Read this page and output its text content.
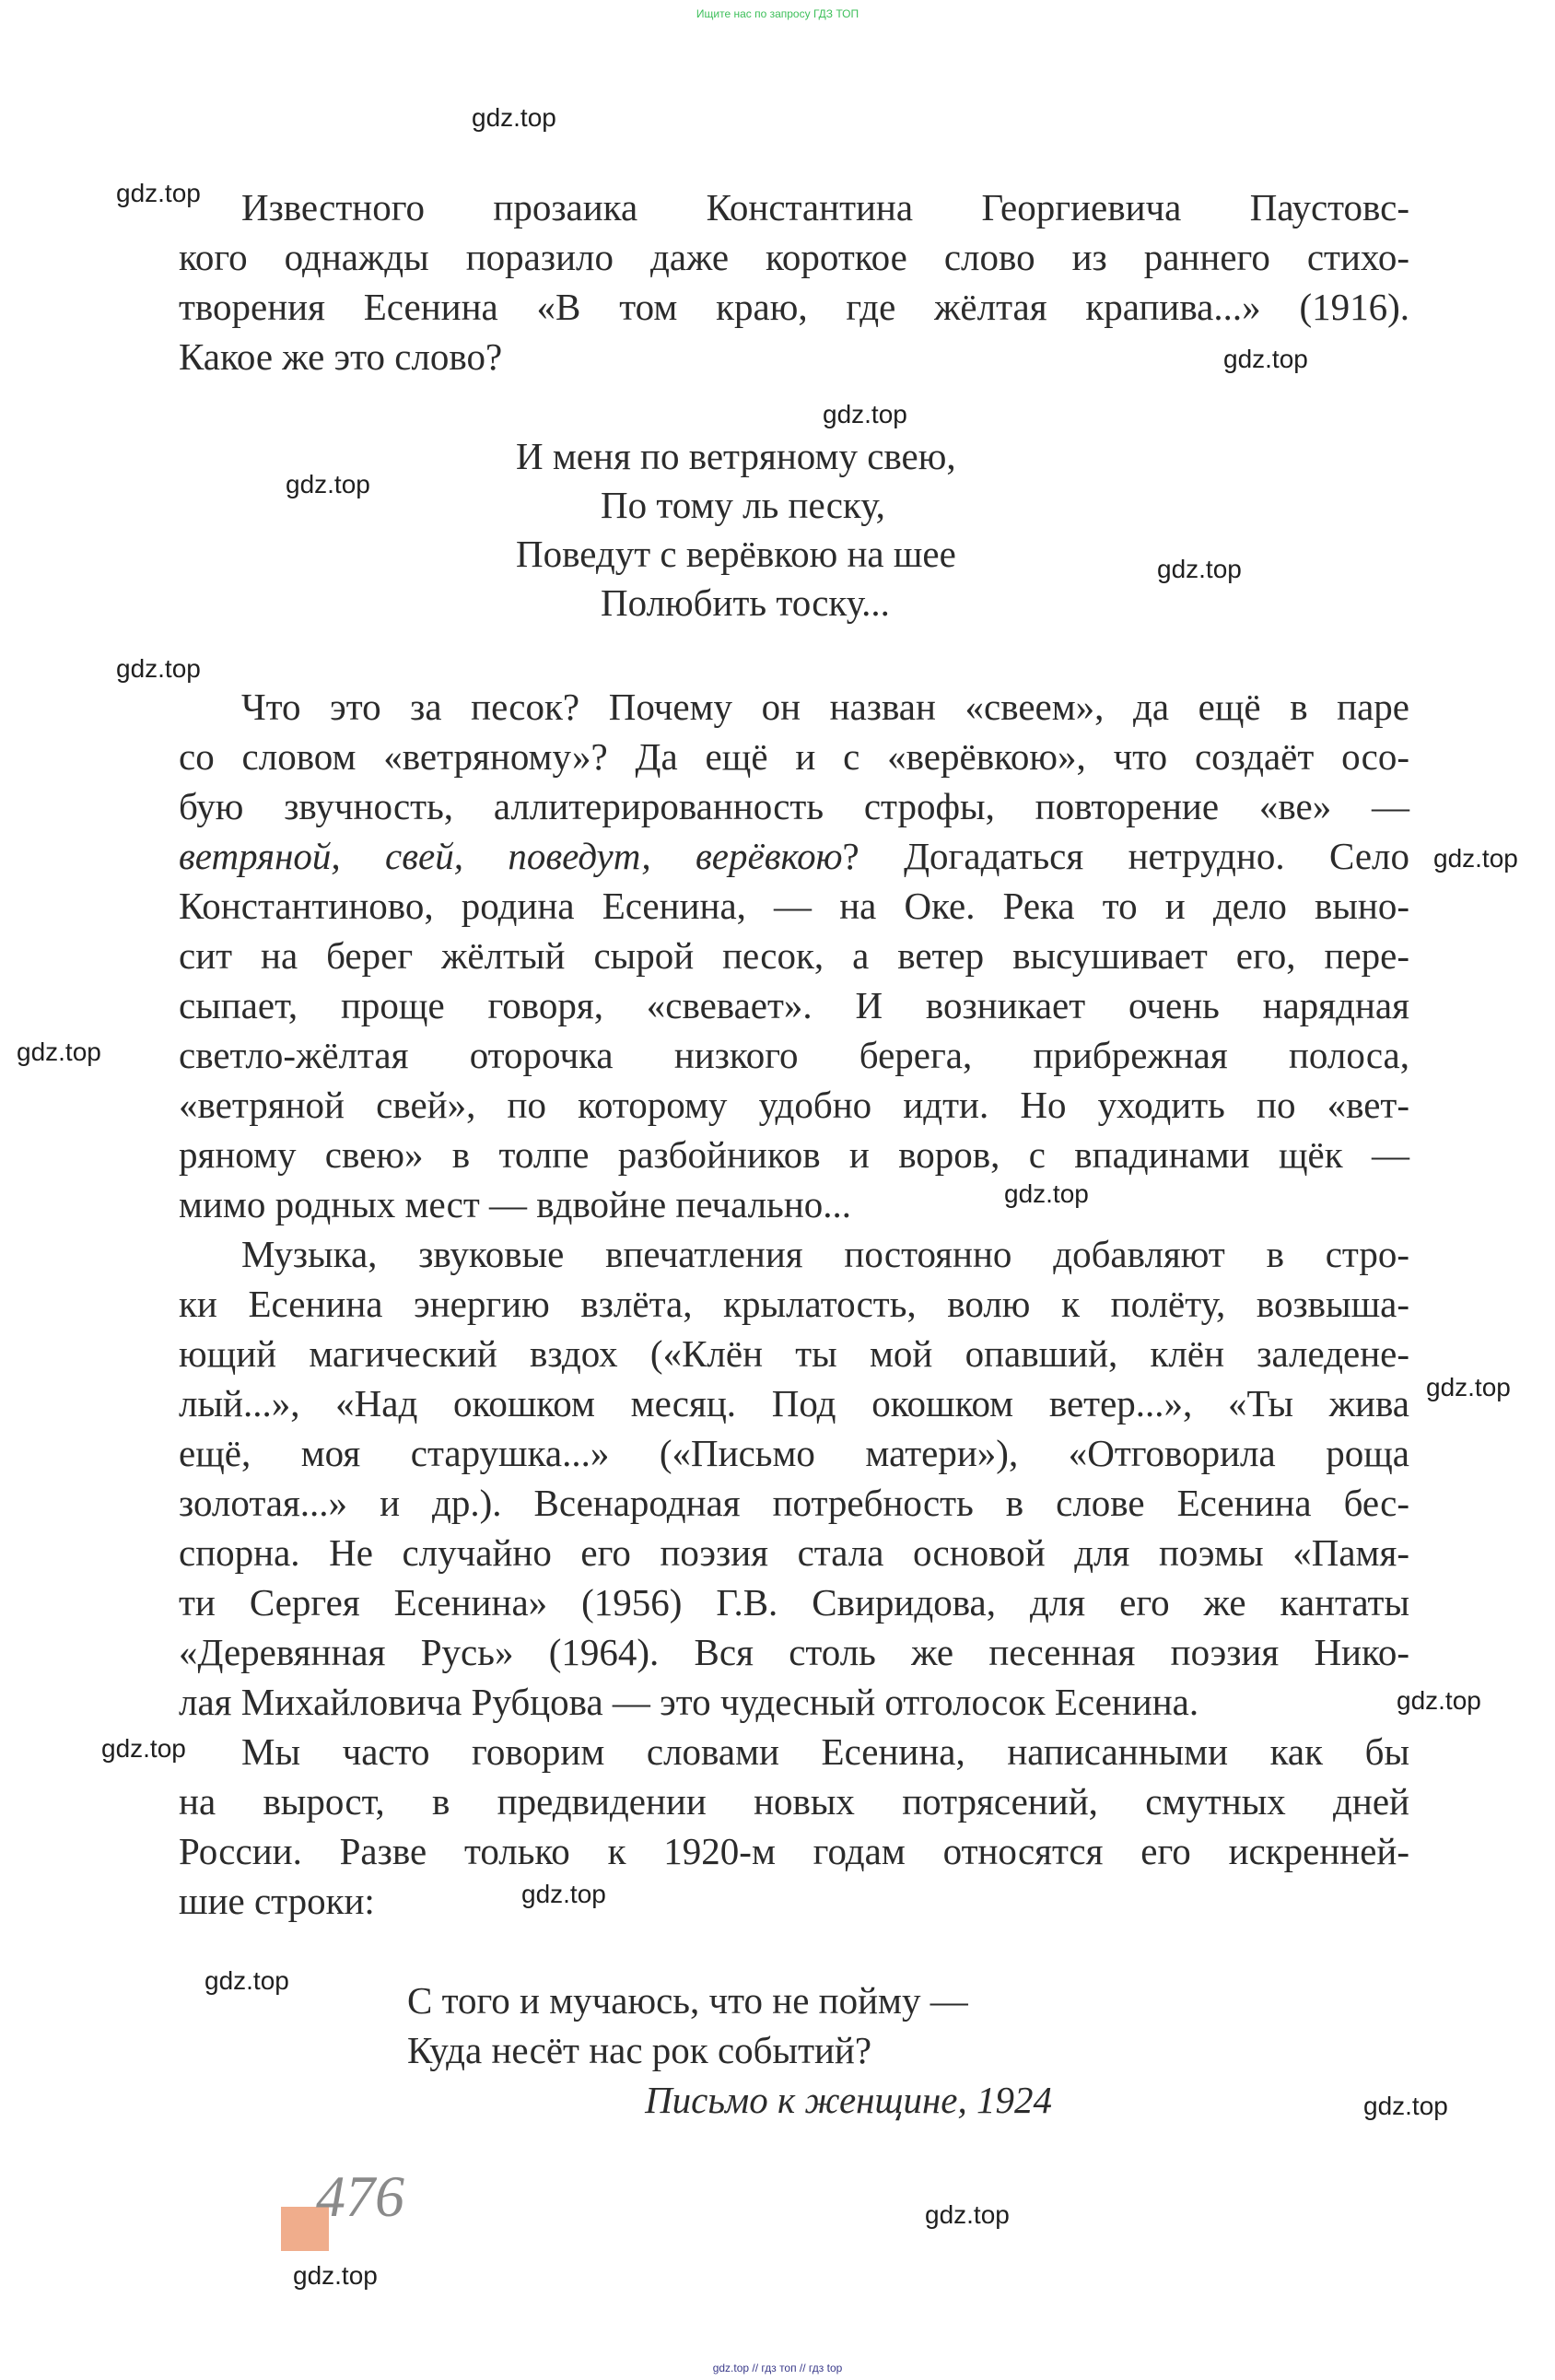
Ищите нас по запросу ГДЗ ТОП
Известного прозаика Константина Георгиевича Паустовс-
кого однажды поразило даже короткое слово из раннего стихо-
творения Есенина «В том краю, где жёлтая крапива...» (1916).
Какое же это слово?
И меня по ветряному свею,
По тому ль песку,
Поведут с верёвкою на шее
Полюбить тоску...
Что это за песок? Почему он назван «свеем», да ещё в паре
со словом «ветряному»? Да ещё и с «верёвкою», что создаёт осо-
бую звучность, аллитерированность строфы, повторение «ве» —
ветряной, свей, поведут, верёвкою? Догадаться нетрудно. Село
Константиново, родина Есенина, — на Оке. Река то и дело выно-
сит на берег жёлтый сырой песок, а ветер высушивает его, пере-
сыпает, проще говоря, «свевает». И возникает очень нарядная
светло-жёлтая оторочка низкого берега, прибрежная полоса,
«ветряной свей», по которому удобно идти. Но уходить по «вет-
ряному свею» в толпе разбойников и воров, с впадинами щёк —
мимо родных мест — вдвойне печально...
Музыка, звуковые впечатления постоянно добавляют в стро-
ки Есенина энергию взлёта, крылатость, волю к полёту, возвыша-
ющий магический вздох («Клён ты мой опавший, клён заледене-
лый...», «Над окошком месяц. Под окошком ветер...», «Ты жива
ещё, моя старушка...» («Письмо матери»), «Отговорила роща
золотая...» и др.). Всенародная потребность в слове Есенина бес-
спорна. Не случайно его поэзия стала основой для поэмы «Памя-
ти Сергея Есенина» (1956) Г.В. Свиридова, для его же кантаты
«Деревянная Русь» (1964). Вся столь же песенная поэзия Нико-
лая Михайловича Рубцова — это чудесный отголосок Есенина.
Мы часто говорим словами Есенина, написанными как бы
на вырост, в предвидении новых потрясений, смутных дней
России. Разве только к 1920-м годам относятся его искренней-
шие строки:
С того и мучаюсь, что не пойму —
Куда несёт нас рок событий?
Письмо к женщине, 1924
476
gdz.top
gdz.top
gdz.top
gdz.top
gdz.top
gdz.top
gdz.top
gdz.top
gdz.top
gdz.top
gdz.top
gdz.top
gdz.top
gdz.top
gdz.top
gdz.top
gdz.top
gdz.top
gdz.top // гдз топ // гдз top
